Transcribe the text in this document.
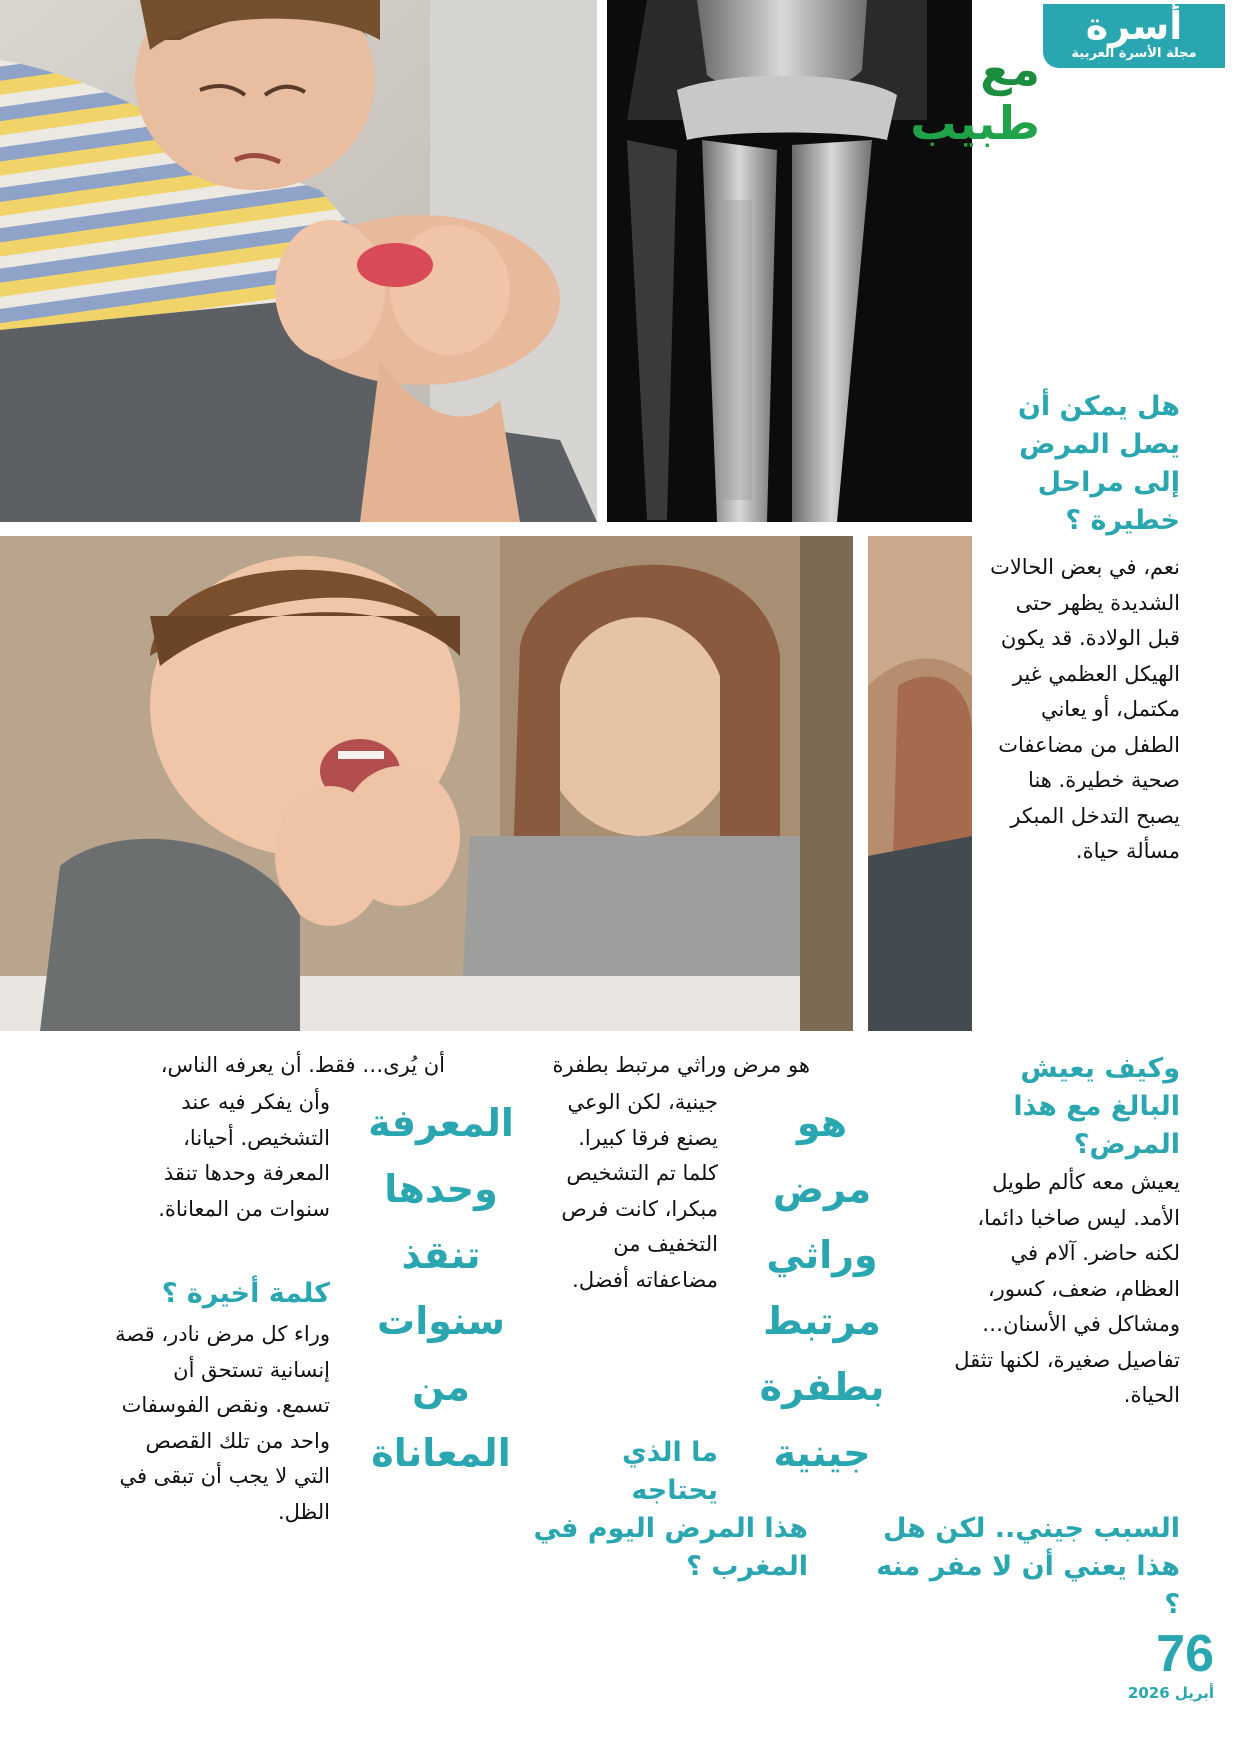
أسرة
مجلة الأسرة العربية
مع طبيب
هل يمكن أن يصل المرض إلى مراحل خطيرة ؟
نعم، في بعض الحالات الشديدة يظهر حتى قبل الولادة. قد يكون الهيكل العظمي غير مكتمل، أو يعاني الطفل من مضاعفات صحية خطيرة. هنا يصبح التدخل المبكر مسألة حياة.
وكيف يعيش البالغ مع هذا المرض؟
يعيش معه كألم طويل الأمد. ليس صاخبا دائما، لكنه حاضر. آلام في العظام، ضعف، كسور، ومشاكل في الأسنان… تفاصيل صغيرة، لكنها تثقل الحياة.
السبب جيني.. لكن هل هذا يعني أن لا مفر منه ؟
هو مرض وراثي مرتبط بطفرة جينية
هو مرض وراثي مرتبط بطفرة
جينية، لكن الوعي يصنع فرقا كبيرا. كلما تم التشخيص مبكرا، كانت فرص التخفيف من مضاعفاته أفضل.
ما الذي يحتاجه
هذا المرض اليوم في المغرب ؟
المعرفة وحدها تنقذ سنوات من المعاناة
أن يُرى… فقط. أن يعرفه الناس،
وأن يفكر فيه عند التشخيص. أحيانا، المعرفة وحدها تنقذ سنوات من المعاناة.
كلمة أخيرة ؟
وراء كل مرض نادر، قصة إنسانية تستحق أن تسمع. ونقص الفوسفات واحد من تلك القصص التي لا يجب أن تبقى في الظل.
76
أبريل 2026
